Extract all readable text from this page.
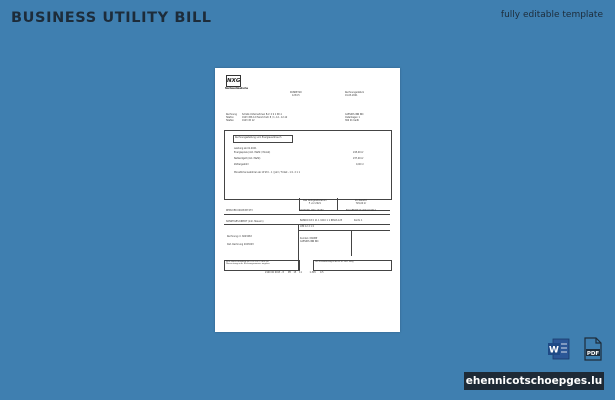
BUSINESS UTILITY BILL	fully editable template
NXG
Nordwestdeutsche
KUNDE NO
1234 5
Rechnungsdatum
01.03.2021
Rechnung
Telefon
Telefax
Schatz-Unternehmen B.V. 2 S 1 Str.1
0123 456 12 Heinrichstr. 8 / 1, 12 - 12.12
0123 45 12
CAESIDS INN INC
Osterdagen 1
360 01 Kadti
Rechnungsstellung vom Energieverbrauch
Leistung ab 01.2021
Energiepreis (inkl. MwSt / Monat)	245,00 kr
Netzentgelt (inkl. MwSt)	237,00 kr
Zählergebühr	0,00 kr
Monatliche Gebühren ab 1P Ø 0 - 1 / Jahr / Ticket - 1 K. 2 1 1
Das Gültigkeitsdatum
F. vor 2021
Zu Bezahlt
729,00 kr
REDUCER 00023457473	NACHUNG ORG 13257	FOLGENDE ST 2024 P 9012
SONSTIGES KREDIT (inkl. Steuern)	BANKIO 18 0 11 1 1010 1 1 REGIS 123	Konto 1
ATN 12 2 1 0
Kunden: DKOBP
CAESIDS INN INC
Rechnung nr. 6023463
Dat. Rechnung 2023003
Neue Bankverbindung ab 01.01.2021 / Bitte bei
Überweisungen die Rechnungsnummer angeben
Der Gesamtbetrag ist bis 01.01.2021 fällig
2100 00 0013 - 8      P8    15    11           1.345      0.5
W	PDF
ehennicotschoepges.lu
